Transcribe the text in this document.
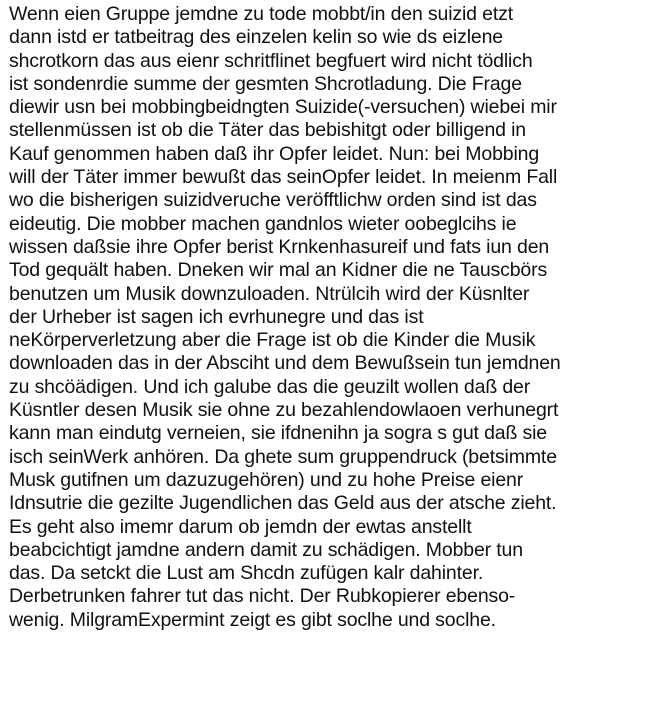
Wenn eien Gruppe jemdne zu tode mobbt/in den suizid etzt
dann istd er tatbeitrag des einzelen kelin so wie ds eizlene
shcrotkorn das aus eienr schritflinet begfuert wird nicht tödlich
ist sondenrdie summe der gesmten Shcrotladung. Die Frage
diewir usn bei mobbingbeidngten Suizide(-versuchen) wiebei mir
stellenmüssen ist ob die Täter das bebishitgt oder billigend in
Kauf genommen haben daß ihr Opfer leidet. Nun: bei Mobbing
will der Täter immer bewußt das seinOpfer leidet. In meienm Fall
wo die bisherigen suizidveruche veröfftlichw orden sind ist das
eideutig. Die mobber machen gandnlos wieter oobeglcihs ie
wissen daßsie ihre Opfer berist Krnkenhasureif und fats iun den
Tod gequält haben. Dneken wir mal an Kidner die ne Tauscbörs
benutzen um Musik downzuloaden. Ntrülcih wird der Küsnlter
der Urheber ist sagen ich evrhunegre und das ist
neKörperverletzung aber die Frage ist ob die Kinder die Musik
downloaden das in der Absciht und dem Bewußsein tun jemdnen
zu shcöädigen. Und ich galube das die geuzilt wollen daß der
Küsntler desen Musik sie ohne zu bezahlendowlaoen verhunegrt
kann man eindutg verneien, sie ifdnenihn ja sogra s gut daß sie
isch seinWerk anhören. Da ghete sum gruppendruck (betsimmte
Musk gutifnen um dazuzugehören) und zu hohe Preise eienr
Idnsutrie die gezilte Jugendlichen das Geld aus der atsche zieht.
Es geht also imemr darum ob jemdn der ewtas anstellt
beabcichtigt jamdne andern damit zu schädigen. Mobber tun
das. Da setckt die Lust am Shcdn zufügen kalr dahinter.
Derbetrunken fahrer tut das nicht. Der Rubkopierer ebenso-
wenig. MilgramExpermint zeigt es gibt soclhe und soclhe.
